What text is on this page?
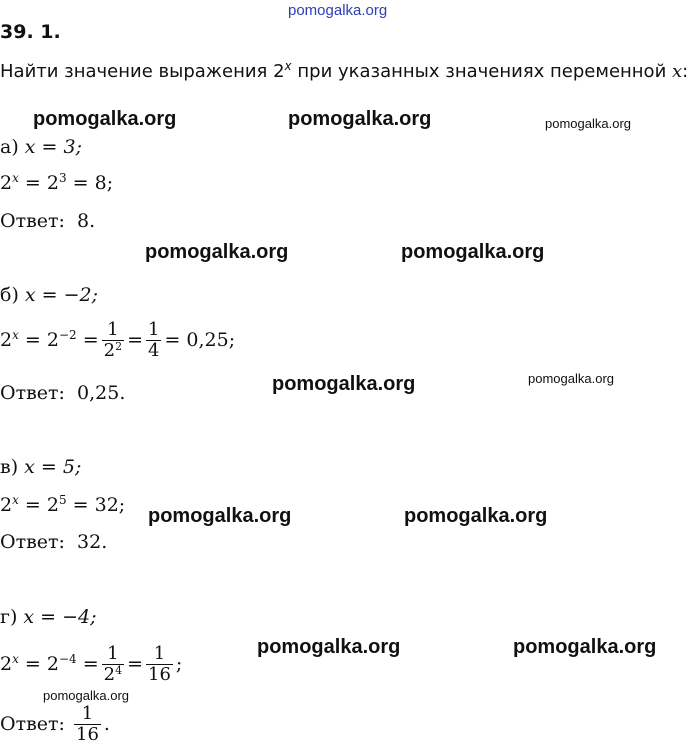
pomogalka.org
39. 1.
Найти значение выражения 2$^x$ при указанных значениях переменной x:
pomogalka.org	pomogalka.org	pomogalka.org
pomogalka.org	pomogalka.org
pomogalka.org	pomogalka.org
pomogalka.org	pomogalka.org
pomogalka.org	pomogalka.org
pomogalka.org
а) x = 3;
$2^x = 2^3 = 8$;
Ответ: 8.
б) x = −2;
$2^x = 2^{-2} = \frac{1}{2^2} = \frac{1}{4} = 0,25$;
Ответ: 0,25.
в) x = 5;
$2^x = 2^5 = 32$;
Ответ: 32.
г) x = −4;
$2^x = 2^{-4} = \frac{1}{2^4} = \frac{1}{16}$ ;
Ответ:
$\frac{1}{16}$ .
